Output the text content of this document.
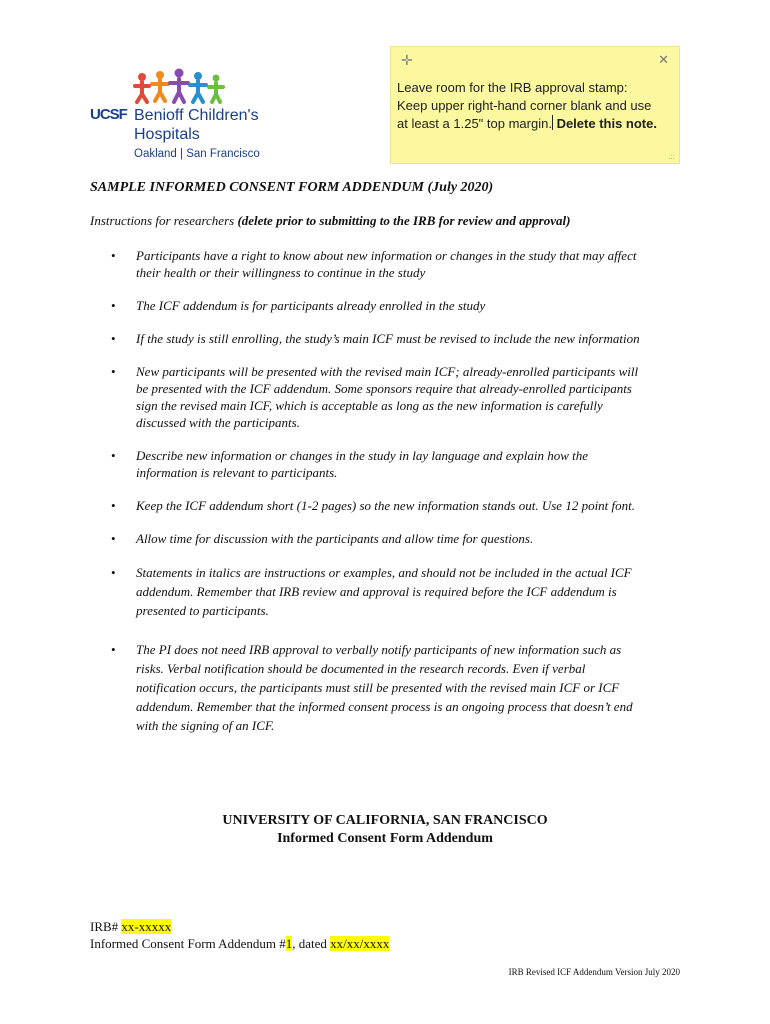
UCSF Benioff Children's
Hospitals
Oakland | San Francisco
✛	✕
Leave room for the IRB approval stamp:
Keep upper right-hand corner blank and use
at least a 1.25" top margin. Delete this note.
.::
SAMPLE INFORMED CONSENT FORM ADDENDUM (July 2020)
Instructions for researchers (delete prior to submitting to the IRB for review and approval)
• Participants have a right to know about new information or changes in the study that may affect
their health or their willingness to continue in the study
• The ICF addendum is for participants already enrolled in the study
• If the study is still enrolling, the study’s main ICF must be revised to include the new information
• New participants will be presented with the revised main ICF; already-enrolled participants will
be presented with the ICF addendum. Some sponsors require that already-enrolled participants
sign the revised main ICF, which is acceptable as long as the new information is carefully
discussed with the participants.
• Describe new information or changes in the study in lay language and explain how the
information is relevant to participants.
• Keep the ICF addendum short (1-2 pages) so the new information stands out. Use 12 point font.
• Allow time for discussion with the participants and allow time for questions.
• Statements in italics are instructions or examples, and should not be included in the actual ICF
addendum. Remember that IRB review and approval is required before the ICF addendum is
presented to participants.
• The PI does not need IRB approval to verbally notify participants of new information such as
risks. Verbal notification should be documented in the research records. Even if verbal
notification occurs, the participants must still be presented with the revised main ICF or ICF
addendum. Remember that the informed consent process is an ongoing process that doesn’t end
with the signing of an ICF.
UNIVERSITY OF CALIFORNIA, SAN FRANCISCO
Informed Consent Form Addendum
IRB# xx-xxxxx
Informed Consent Form Addendum #1, dated xx/xx/xxxx
IRB Revised ICF Addendum Version July 2020
